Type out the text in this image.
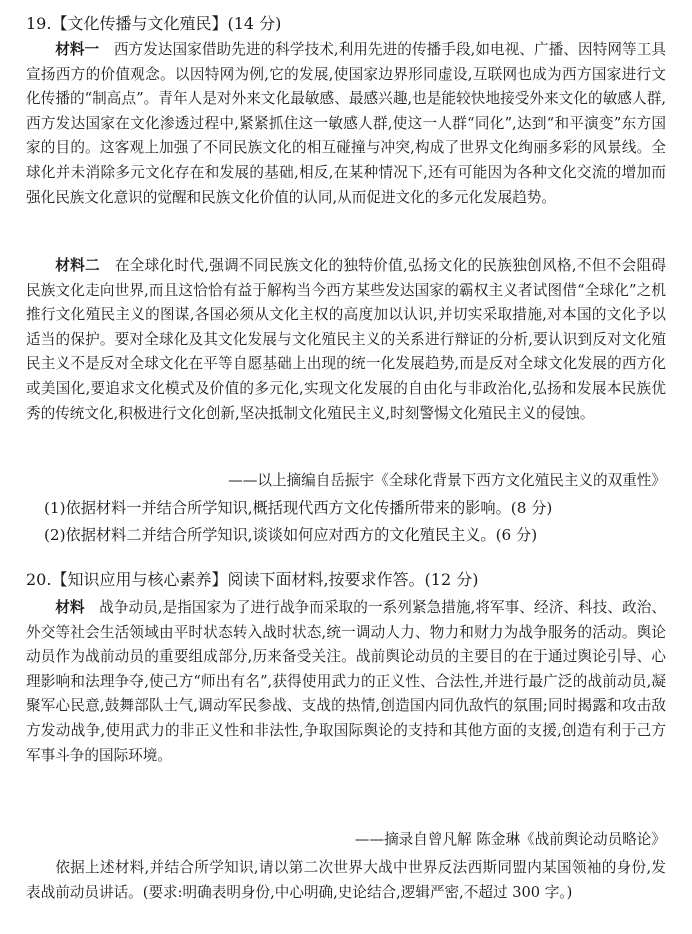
19.【文化传播与文化殖民】(14 分)
材料一　 西方发达国家借助先进的科学技术,利用先进的传播手段,如电视、广播、因特网等工具宣扬西方的价值观念。以因特网为例,它的发展,使国家边界形同虚设,互联网也成为西方国家进行文化传播的“制高点”。青年人是对外来文化最敏感、最感兴趣,也是能较快地接受外来文化的敏感人群,西方发达国家在文化渗透过程中,紧紧抓住这一敏感人群,使这一人群“同化”,达到“和平演变”东方国家的目的。这客观上加强了不同民族文化的相互碰撞与冲突,构成了世界文化绚丽多彩的风景线。全球化并未消除多元文化存在和发展的基础,相反,在某种情况下,还有可能因为各种文化交流的增加而强化民族文化意识的觉醒和民族文化价值的认同,从而促进文化的多元化发展趋势。
材料二　 在全球化时代,强调不同民族文化的独特价值,弘扬文化的民族独创风格,不但不会阻碍民族文化走向世界,而且这恰恰有益于解构当今西方某些发达国家的霸权主义者试图借“全球化”之机推行文化殖民主义的图谋,各国必须从文化主权的高度加以认识,并切实采取措施,对本国的文化予以适当的保护。要对全球化及其文化发展与文化殖民主义的关系进行辩证的分析,要认识到反对文化殖民主义不是反对全球文化在平等自愿基础上出现的统一化发展趋势,而是反对全球文化发展的西方化或美国化,要追求文化模式及价值的多元化,实现文化发展的自由化与非政治化,弘扬和发展本民族优秀的传统文化,积极进行文化创新,坚决抵制文化殖民主义,时刻警惕文化殖民主义的侵蚀。
——以上摘编自岳振宇《全球化背景下西方文化殖民主义的双重性》
(1)依据材料一并结合所学知识,概括现代西方文化传播所带来的影响。(8 分)
(2)依据材料二并结合所学知识,谈谈如何应对西方的文化殖民主义。(6 分)
20.【知识应用与核心素养】阅读下面材料,按要求作答。(12 分)
材料　 战争动员,是指国家为了进行战争而采取的一系列紧急措施,将军事、经济、科技、政治、外交等社会生活领域由平时状态转入战时状态,统一调动人力、物力和财力为战争服务的活动。舆论动员作为战前动员的重要组成部分,历来备受关注。战前舆论动员的主要目的在于通过舆论引导、心理影响和法理争夺,使己方“师出有名”,获得使用武力的正义性、合法性,并进行最广泛的战前动员,凝聚军心民意,鼓舞部队士气,调动军民参战、支战的热情,创造国内同仇敌忾的氛围;同时揭露和攻击敌方发动战争,使用武力的非正义性和非法性,争取国际舆论的支持和其他方面的支援,创造有利于己方军事斗争的国际环境。
——摘录自曾凡解 陈金琳《战前舆论动员略论》
依据上述材料,并结合所学知识,请以第二次世界大战中世界反法西斯同盟内某国领袖的身份,发表战前动员讲话。(要求:明确表明身份,中心明确,史论结合,逻辑严密,不超过 300 字。)
